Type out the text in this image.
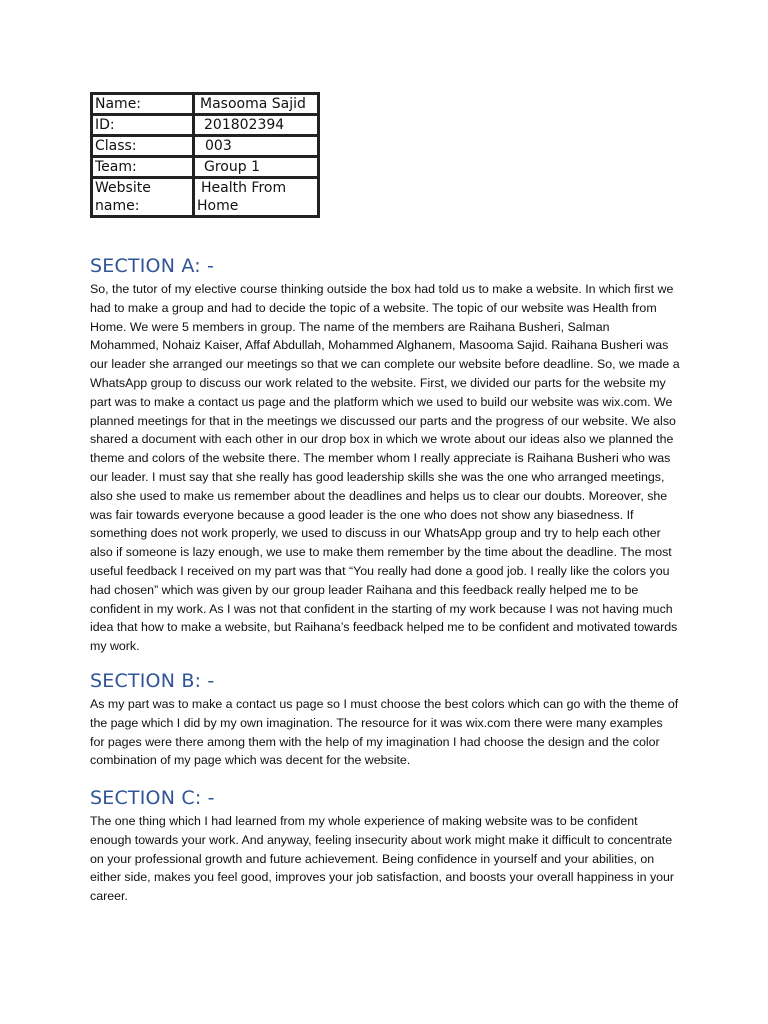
Name:	Masooma Sajid
ID:	201802394
Class:	003
Team:	Group 1
Website name:	Health From Home
SECTION A: -

So, the tutor of my elective course thinking outside the box had told us to make a website. In which first we had to make a group and had to decide the topic of a website. The topic of our website was Health from Home. We were 5 members in group. The name of the members are Raihana Busheri, Salman Mohammed, Nohaiz Kaiser, Affaf Abdullah, Mohammed Alghanem, Masooma Sajid. Raihana Busheri was our leader she arranged our meetings so that we can complete our website before deadline. So, we made a WhatsApp group to discuss our work related to the website. First, we divided our parts for the website my part was to make a contact us page and the platform which we used to build our website was wix.com. We planned meetings for that in the meetings we discussed our parts and the progress of our website. We also shared a document with each other in our drop box in which we wrote about our ideas also we planned the theme and colors of the website there. The member whom I really appreciate is Raihana Busheri who was our leader. I must say that she really has good leadership skills she was the one who arranged meetings, also she used to make us remember about the deadlines and helps us to clear our doubts. Moreover, she was fair towards everyone because a good leader is the one who does not show any biasedness. If something does not work properly, we used to discuss in our WhatsApp group and try to help each other also if someone is lazy enough, we use to make them remember by the time about the deadline. The most useful feedback I received on my part was that “You really had done a good job. I really like the colors you had chosen” which was given by our group leader Raihana and this feedback really helped me to be confident in my work. As I was not that confident in the starting of my work because I was not having much idea that how to make a website, but Raihana’s feedback helped me to be confident and motivated towards my work.

SECTION B: -

As my part was to make a contact us page so I must choose the best colors which can go with the theme of the page which I did by my own imagination. The resource for it was wix.com there were many examples for pages were there among them with the help of my imagination I had choose the design and the color combination of my page which was decent for the website.

SECTION C: -

The one thing which I had learned from my whole experience of making website was to be confident enough towards your work. And anyway, feeling insecurity about work might make it difficult to concentrate on your professional growth and future achievement. Being confidence in yourself and your abilities, on either side, makes you feel good, improves your job satisfaction, and boosts your overall happiness in your career.
